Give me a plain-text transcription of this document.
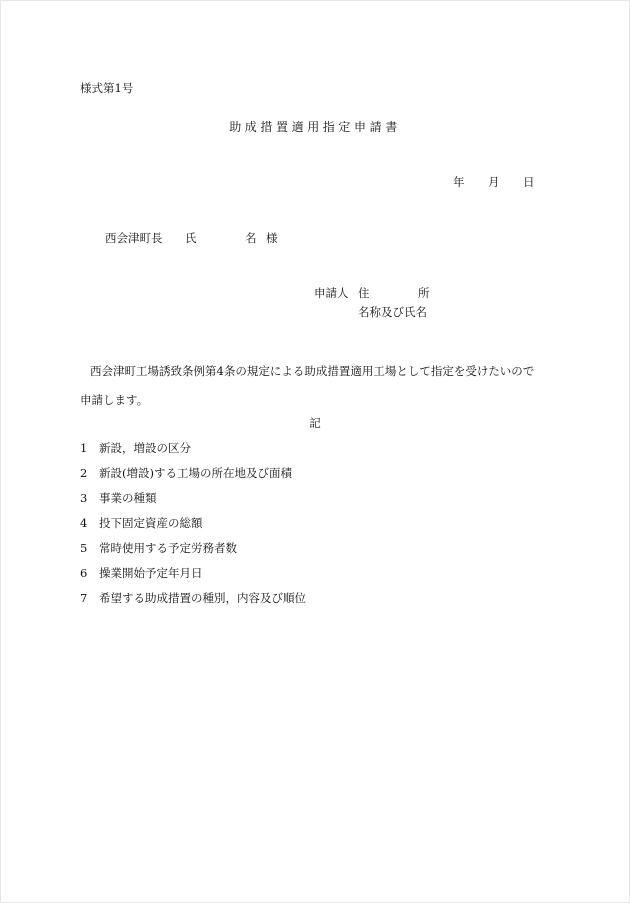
様式第1号
助成措置適用指定申請書
年 月 日
西会津町長 氏	名 様
申請人 住	所
名称及び氏名
西会津町工場誘致条例第4条の規定による助成措置適用工場として指定を受けたいので
申請します。
記
1 新設，増設の区分
2 新設(増設)する工場の所在地及び面積
3 事業の種類
4 投下固定資産の総額
5 常時使用する予定労務者数
6 操業開始予定年月日
7 希望する助成措置の種別，内容及び順位
